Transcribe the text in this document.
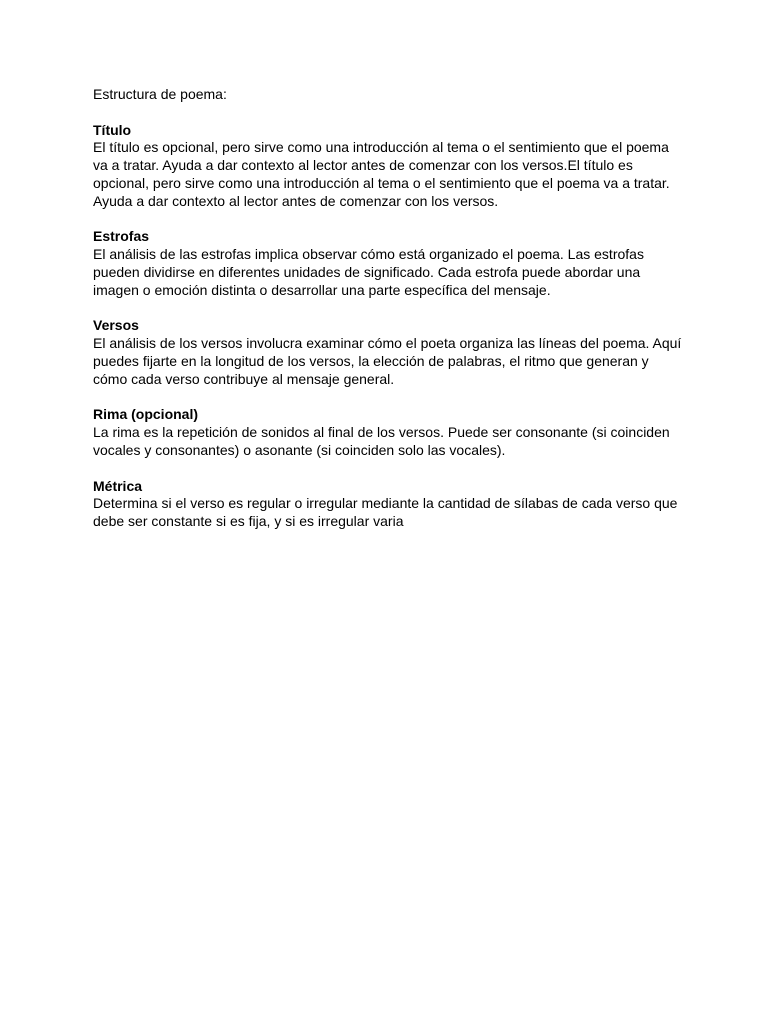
Estructura de poema:

Título

El título es opcional, pero sirve como una introducción al tema o el sentimiento que el poema va a tratar. Ayuda a dar contexto al lector antes de comenzar con los versos.El título es opcional, pero sirve como una introducción al tema o el sentimiento que el poema va a tratar. Ayuda a dar contexto al lector antes de comenzar con los versos.

Estrofas

El análisis de las estrofas implica observar cómo está organizado el poema. Las estrofas pueden dividirse en diferentes unidades de significado. Cada estrofa puede abordar una imagen o emoción distinta o desarrollar una parte específica del mensaje.

Versos

El análisis de los versos involucra examinar cómo el poeta organiza las líneas del poema. Aquí puedes fijarte en la longitud de los versos, la elección de palabras, el ritmo que generan y cómo cada verso contribuye al mensaje general.

Rima (opcional)

La rima es la repetición de sonidos al final de los versos. Puede ser consonante (si coinciden vocales y consonantes) o asonante (si coinciden solo las vocales).

Métrica

Determina si el verso es regular o irregular mediante la cantidad de sílabas de cada verso que debe ser constante si es fija, y si es irregular varia
